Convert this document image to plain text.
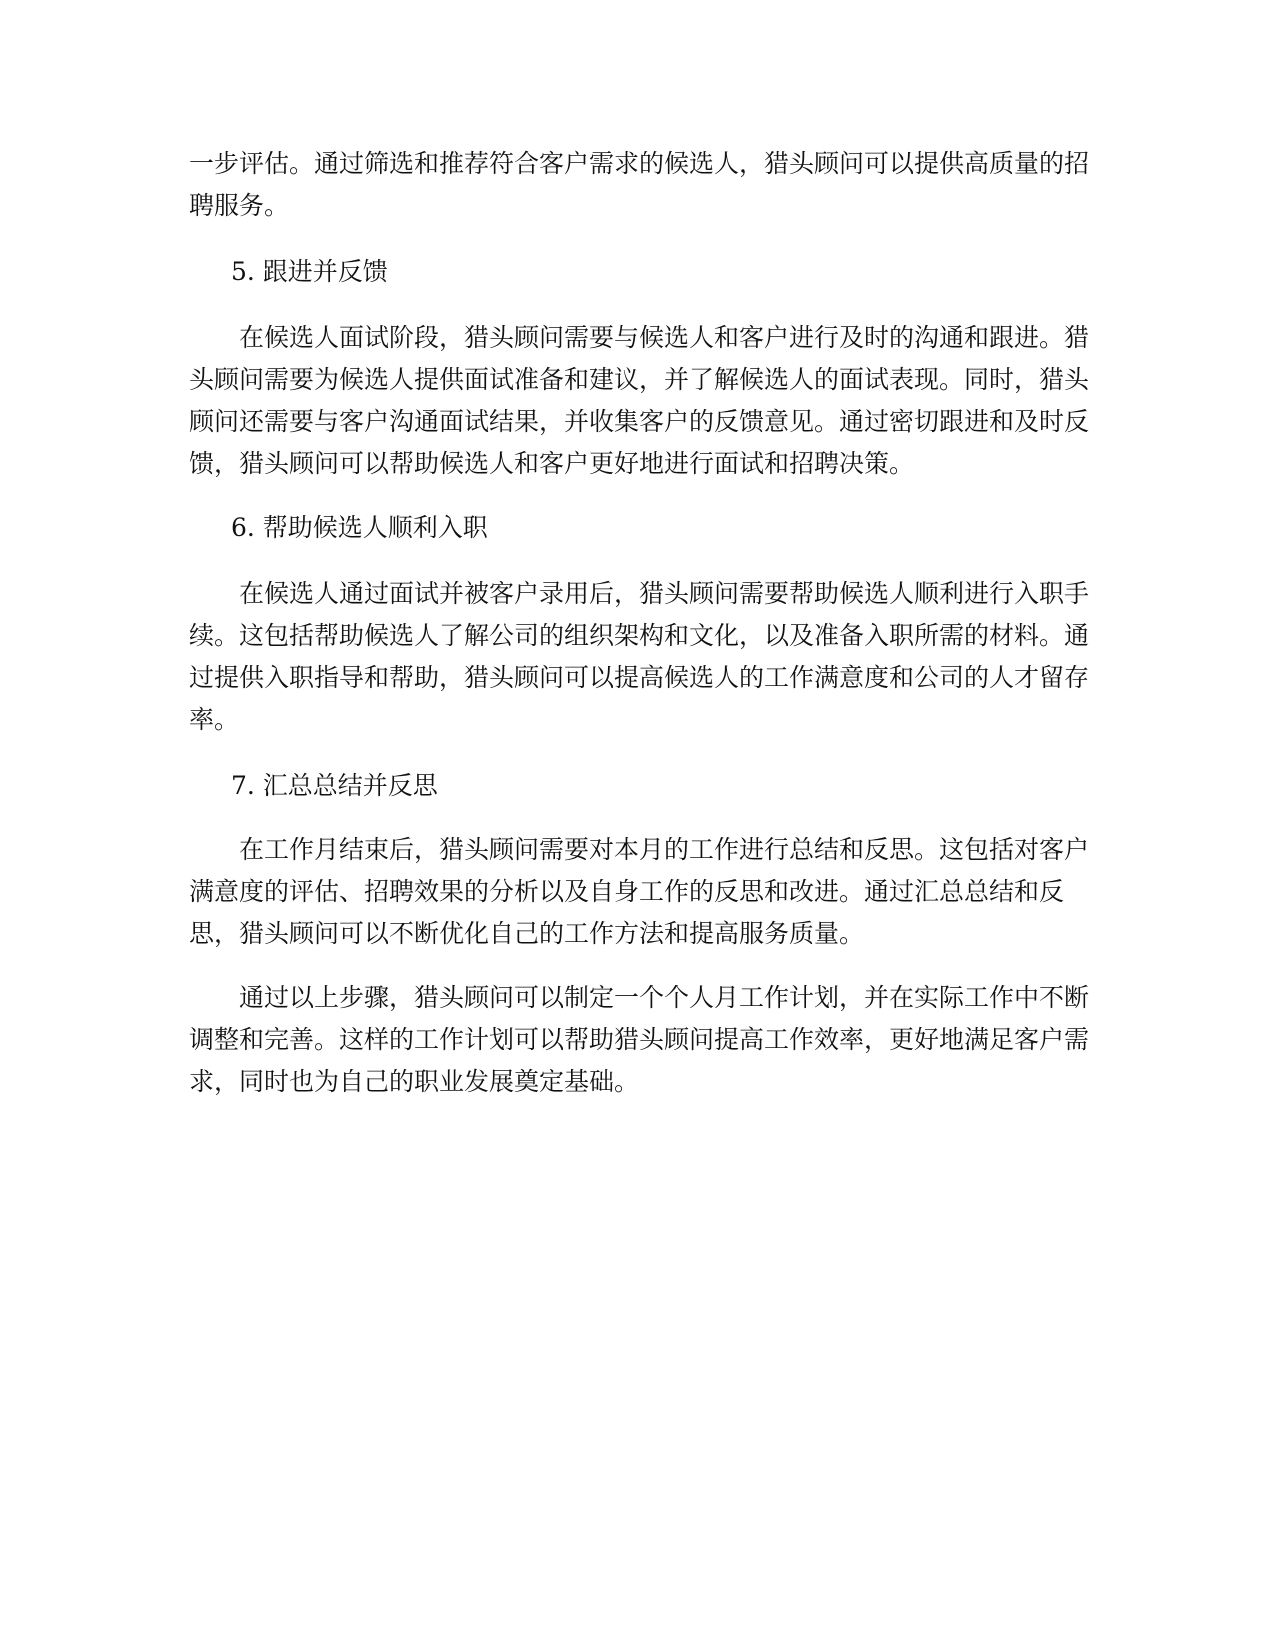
一步评估。通过筛选和推荐符合客户需求的候选人，猎头顾问可以提供高质量的招聘服务。

5. 跟进并反馈

在候选人面试阶段，猎头顾问需要与候选人和客户进行及时的沟通和跟进。猎头顾问需要为候选人提供面试准备和建议，并了解候选人的面试表现。同时，猎头顾问还需要与客户沟通面试结果，并收集客户的反馈意见。通过密切跟进和及时反馈，猎头顾问可以帮助候选人和客户更好地进行面试和招聘决策。

6. 帮助候选人顺利入职

在候选人通过面试并被客户录用后，猎头顾问需要帮助候选人顺利进行入职手续。这包括帮助候选人了解公司的组织架构和文化，以及准备入职所需的材料。通过提供入职指导和帮助，猎头顾问可以提高候选人的工作满意度和公司的人才留存率。

7. 汇总总结并反思

在工作月结束后，猎头顾问需要对本月的工作进行总结和反思。这包括对客户满意度的评估、招聘效果的分析以及自身工作的反思和改进。通过汇总总结和反思，猎头顾问可以不断优化自己的工作方法和提高服务质量。

通过以上步骤，猎头顾问可以制定一个个人月工作计划，并在实际工作中不断调整和完善。这样的工作计划可以帮助猎头顾问提高工作效率，更好地满足客户需求，同时也为自己的职业发展奠定基础。
